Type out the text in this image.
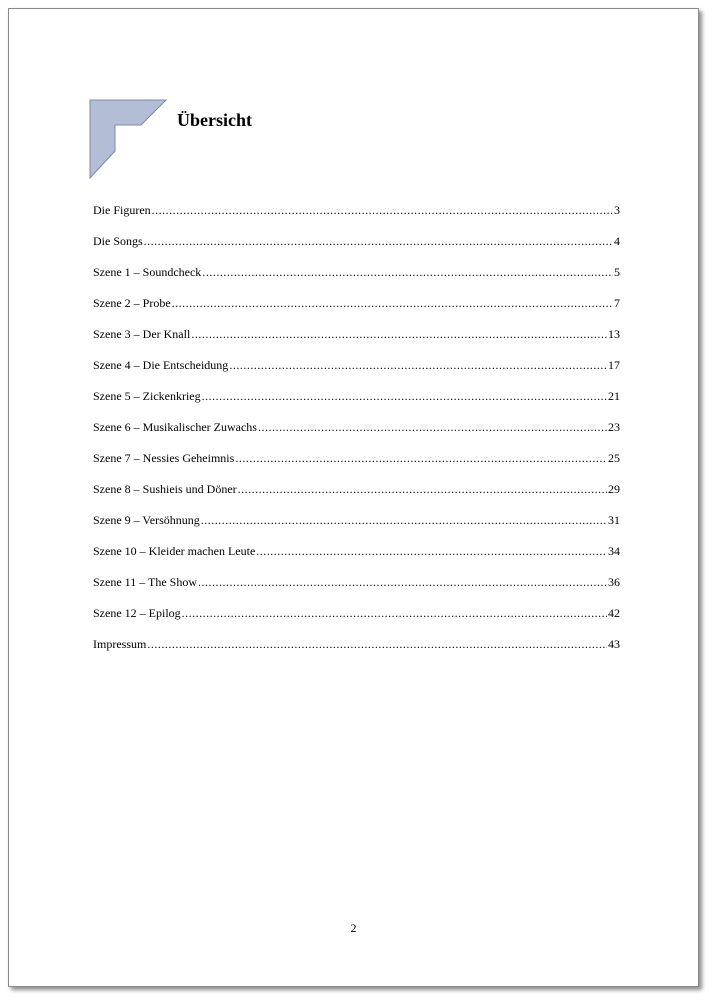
Übersicht
Die Figuren .....	3
Die Songs .....	4
Szene 1 – Soundcheck .....	5
Szene 2 – Probe .....	7
Szene 3 – Der Knall .....	13
Szene 4 – Die Entscheidung .....	17
Szene 5 – Zickenkrieg .....	21
Szene 6 – Musikalischer Zuwachs .....	23
Szene 7 – Nessies Geheimnis .....	25
Szene 8 – Sushieis und Döner .....	29
Szene 9 – Versöhnung .....	31
Szene 10 – Kleider machen Leute .....	34
Szene 11 – The Show .....	36
Szene 12 – Epilog .....	42
Impressum .....	43
2
